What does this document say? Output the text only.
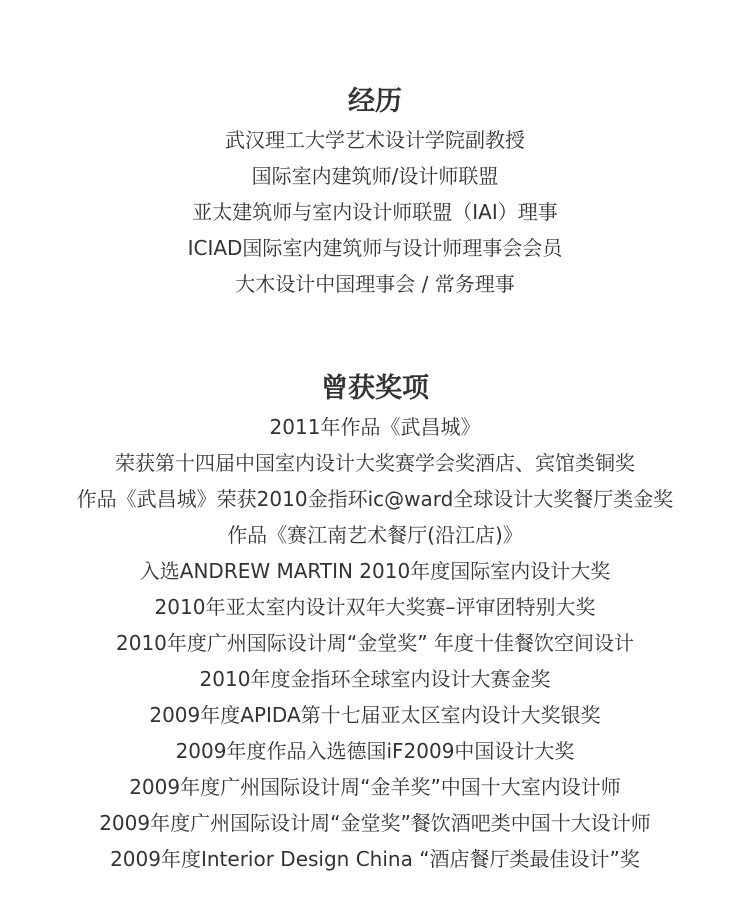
经历
武汉理工大学艺术设计学院副教授
国际室内建筑师/设计师联盟
亚太建筑师与室内设计师联盟（IAI）理事
ICIAD国际室内建筑师与设计师理事会会员
大木设计中国理事会 / 常务理事
曾获奖项
2011年作品《武昌城》
荣获第十四届中国室内设计大奖赛学会奖酒店、宾馆类铜奖
作品《武昌城》荣获2010金指环ic@ward全球设计大奖餐厅类金奖
作品《赛江南艺术餐厅(沿江店)》
入选ANDREW MARTIN 2010年度国际室内设计大奖
2010年亚太室内设计双年大奖赛–评审团特别大奖
2010年度广州国际设计周“金堂奖” 年度十佳餐饮空间设计
2010年度金指环全球室内设计大赛金奖
2009年度APIDA第十七届亚太区室内设计大奖银奖
2009年度作品入选德国iF2009中国设计大奖
2009年度广州国际设计周“金羊奖”中国十大室内设计师
2009年度广州国际设计周“金堂奖”餐饮酒吧类中国十大设计师
2009年度Interior Design China “酒店餐厅类最佳设计”奖
